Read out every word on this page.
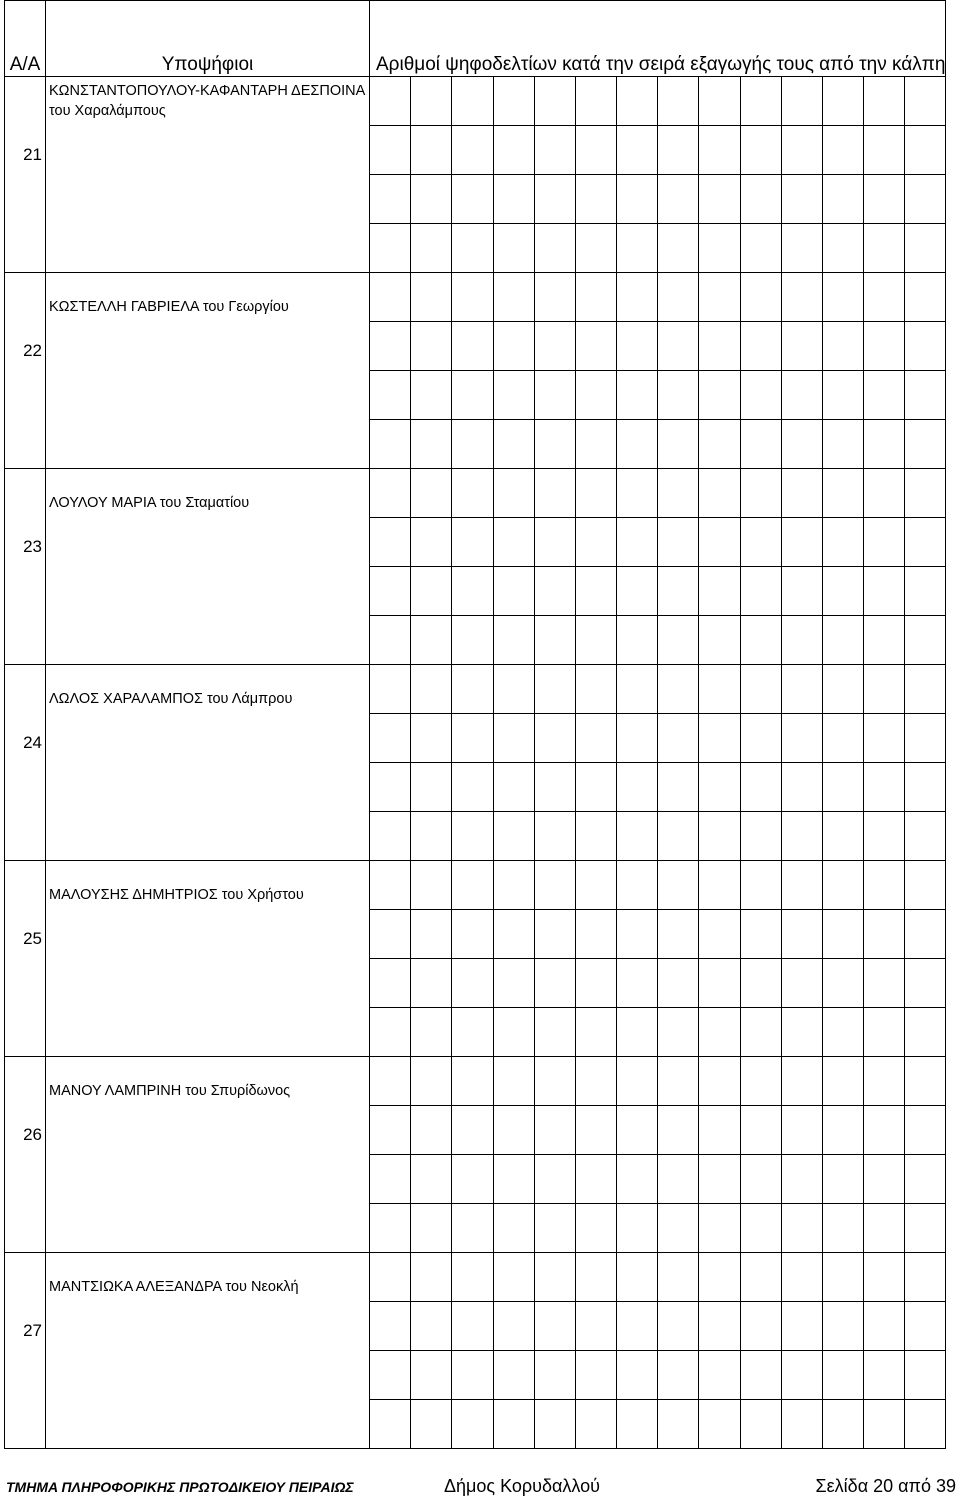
Α/Α	Υποψήφιοι	Αριθμοί ψηφοδελτίων κατά την σειρά εξαγωγής τους από την κάλπη													
21	ΚΩΝΣΤΑΝΤΟΠΟΥΛΟΥ-ΚΑΦΑΝΤΑΡΗ ΔΕΣΠΟΙΝΑ του Χαραλάμπους														

22	ΚΩΣΤΕΛΛΗ ΓΑΒΡΙΕΛΑ του Γεωργίου														

23	ΛΟΥΛΟΥ ΜΑΡΙΑ του Σταματίου														

24	ΛΩΛΟΣ ΧΑΡΑΛΑΜΠΟΣ του Λάμπρου														

25	ΜΑΛΟΥΣΗΣ ΔΗΜΗΤΡΙΟΣ του Χρήστου														

26	ΜΑΝΟΥ ΛΑΜΠΡΙΝΗ του Σπυρίδωνος														

27	ΜΑΝΤΣΙΩΚΑ ΑΛΕΞΑΝΔΡΑ του Νεοκλή														

ΤΜΗΜΑ ΠΛΗΡΟΦΟΡΙΚΗΣ ΠΡΩΤΟΔΙΚΕΙΟΥ ΠΕΙΡΑΙΩΣ	Δήμος Κορυδαλλού	Σελίδα 20 από 39
